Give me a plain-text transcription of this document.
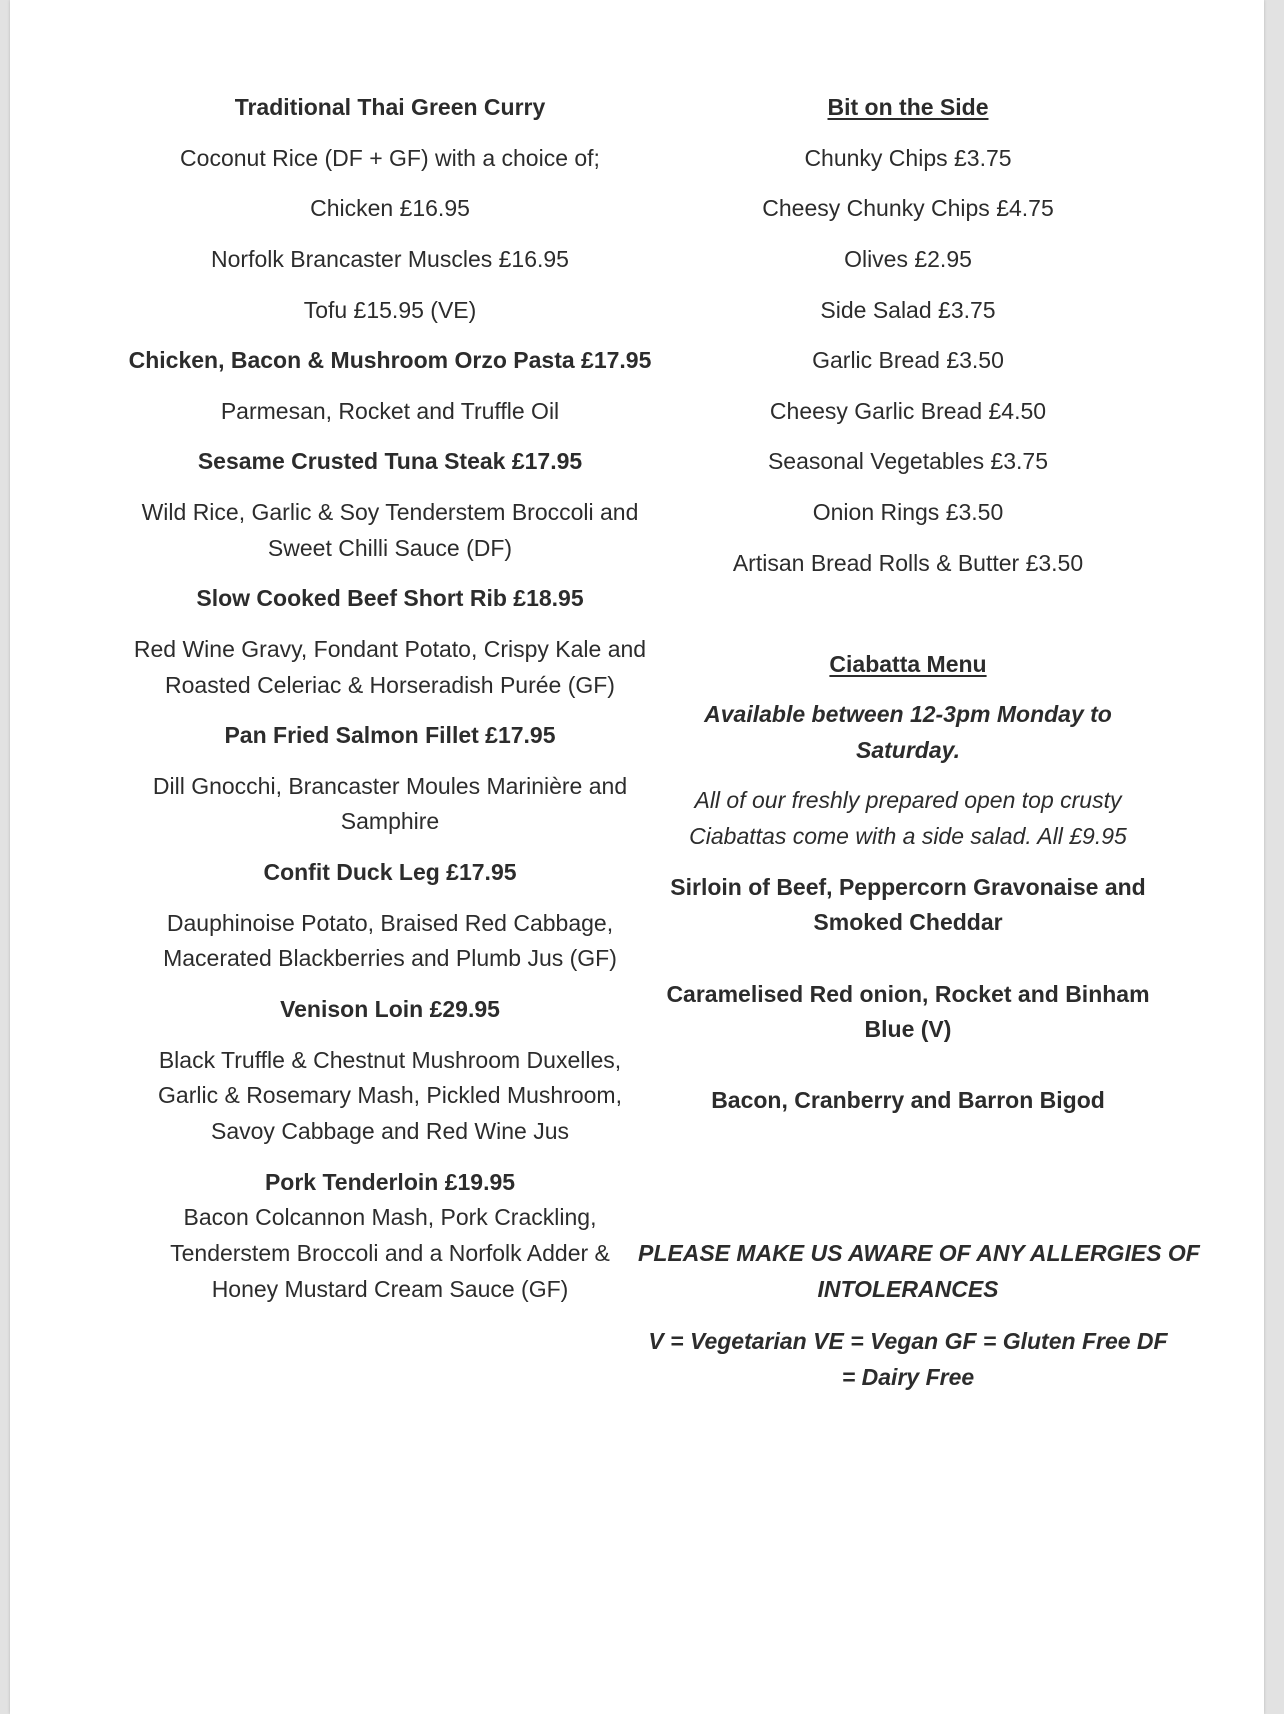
Traditional Thai Green Curry
Coconut Rice (DF + GF) with a choice of;
Chicken £16.95
Norfolk Brancaster Muscles £16.95
Tofu £15.95 (VE)
Chicken, Bacon & Mushroom Orzo Pasta £17.95
Parmesan, Rocket and Truffle Oil
Sesame Crusted Tuna Steak £17.95
Wild Rice, Garlic & Soy Tenderstem Broccoli and
Sweet Chilli Sauce (DF)
Slow Cooked Beef Short Rib £18.95
Red Wine Gravy, Fondant Potato, Crispy Kale and
Roasted Celeriac & Horseradish Purée (GF)
Pan Fried Salmon Fillet £17.95
Dill Gnocchi, Brancaster Moules Marinière and
Samphire
Confit Duck Leg £17.95
Dauphinoise Potato, Braised Red Cabbage,
Macerated Blackberries and Plumb Jus (GF)
Venison Loin £29.95
Black Truffle & Chestnut Mushroom Duxelles,
Garlic & Rosemary Mash, Pickled Mushroom,
Savoy Cabbage and Red Wine Jus
Pork Tenderloin £19.95
Bacon Colcannon Mash, Pork Crackling,
Tenderstem Broccoli and a Norfolk Adder &
Honey Mustard Cream Sauce (GF)
Bit on the Side
Chunky Chips £3.75
Cheesy Chunky Chips £4.75
Olives £2.95
Side Salad £3.75
Garlic Bread £3.50
Cheesy Garlic Bread £4.50
Seasonal Vegetables £3.75
Onion Rings £3.50
Artisan Bread Rolls & Butter £3.50
Ciabatta Menu
Available between 12-3pm Monday to
Saturday.
All of our freshly prepared open top crusty
Ciabattas come with a side salad. All £9.95
Sirloin of Beef, Peppercorn Gravonaise and
Smoked Cheddar
Caramelised Red onion, Rocket and Binham
Blue (V)
Bacon, Cranberry and Barron Bigod
PLEASE MAKE US AWARE OF ANY ALLERGIES OF
INTOLERANCES
V = Vegetarian VE = Vegan GF = Gluten Free DF
= Dairy Free
